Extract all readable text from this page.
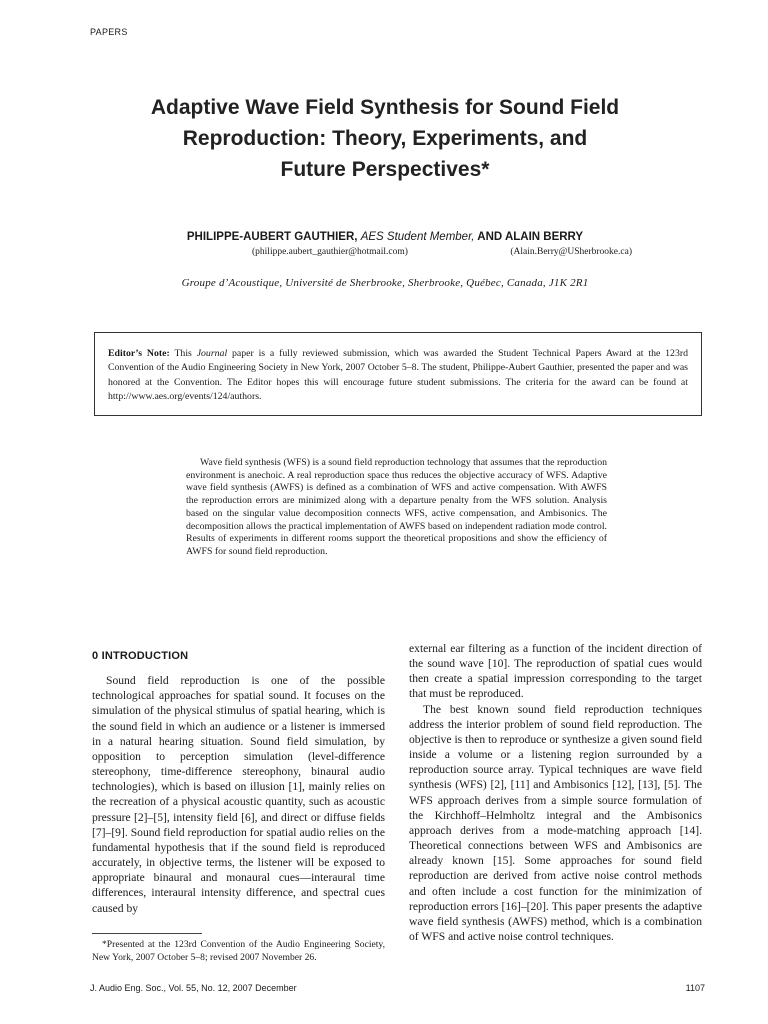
PAPERS
Adaptive Wave Field Synthesis for Sound Field
Reproduction: Theory, Experiments, and
Future Perspectives*
PHILIPPE-AUBERT GAUTHIER, AES Student Member, AND ALAIN BERRY
(philippe.aubert_gauthier@hotmail.com)	(Alain.Berry@USherbrooke.ca)
Groupe d’Acoustique, Université de Sherbrooke, Sherbrooke, Québec, Canada, J1K 2R1
Editor’s Note: This Journal paper is a fully reviewed submission, which was awarded the Student Technical Papers Award at the 123rd Convention of the Audio Engineering Society in New York, 2007 October 5–8. The student, Philippe-Aubert Gauthier, presented the paper and was honored at the Convention. The Editor hopes this will encourage future student submissions. The criteria for the award can be found at http://www.aes.org/events/124/authors.

Wave field synthesis (WFS) is a sound field reproduction technology that assumes that the reproduction environment is anechoic. A real reproduction space thus reduces the objective accuracy of WFS. Adaptive wave field synthesis (AWFS) is defined as a combination of WFS and active compensation. With AWFS the reproduction errors are minimized along with a departure penalty from the WFS solution. Analysis based on the singular value decomposition connects WFS, active compensation, and Ambisonics. The decomposition allows the practical implementation of AWFS based on independent radiation mode control. Results of experiments in different rooms support the theoretical propositions and show the efficiency of AWFS for sound field reproduction.

0 INTRODUCTION

Sound field reproduction is one of the possible technological approaches for spatial sound. It focuses on the simulation of the physical stimulus of spatial hearing, which is the sound field in which an audience or a listener is immersed in a natural hearing situation. Sound field simulation, by opposition to perception simulation (level-difference stereophony, time-difference stereophony, binaural audio technologies), which is based on illusion [1], mainly relies on the recreation of a physical acoustic quantity, such as acoustic pressure [2]–[5], intensity field [6], and direct or diffuse fields [7]–[9]. Sound field reproduction for spatial audio relies on the fundamental hypothesis that if the sound field is reproduced accurately, in objective terms, the listener will be exposed to appropriate binaural and monaural cues—interaural time differences, interaural intensity difference, and spectral cues caused by

external ear filtering as a function of the incident direction of the sound wave [10]. The reproduction of spatial cues would then create a spatial impression corresponding to the target that must be reproduced.

The best known sound field reproduction techniques address the interior problem of sound field reproduction. The objective is then to reproduce or synthesize a given sound field inside a volume or a listening region surrounded by a reproduction source array. Typical techniques are wave field synthesis (WFS) [2], [11] and Ambisonics [12], [13], [5]. The WFS approach derives from a simple source formulation of the Kirchhoff–Helmholtz integral and the Ambisonics approach derives from a mode-matching approach [14]. Theoretical connections between WFS and Ambisonics are already known [15]. Some approaches for sound field reproduction are derived from active noise control methods and often include a cost function for the minimization of reproduction errors [16]–[20]. This paper presents the adaptive wave field synthesis (AWFS) method, which is a combination of WFS and active noise control techniques.

*Presented at the 123rd Convention of the Audio Engineering Society, New York, 2007 October 5–8; revised 2007 November 26.
J. Audio Eng. Soc., Vol. 55, No. 12, 2007 December	1107
